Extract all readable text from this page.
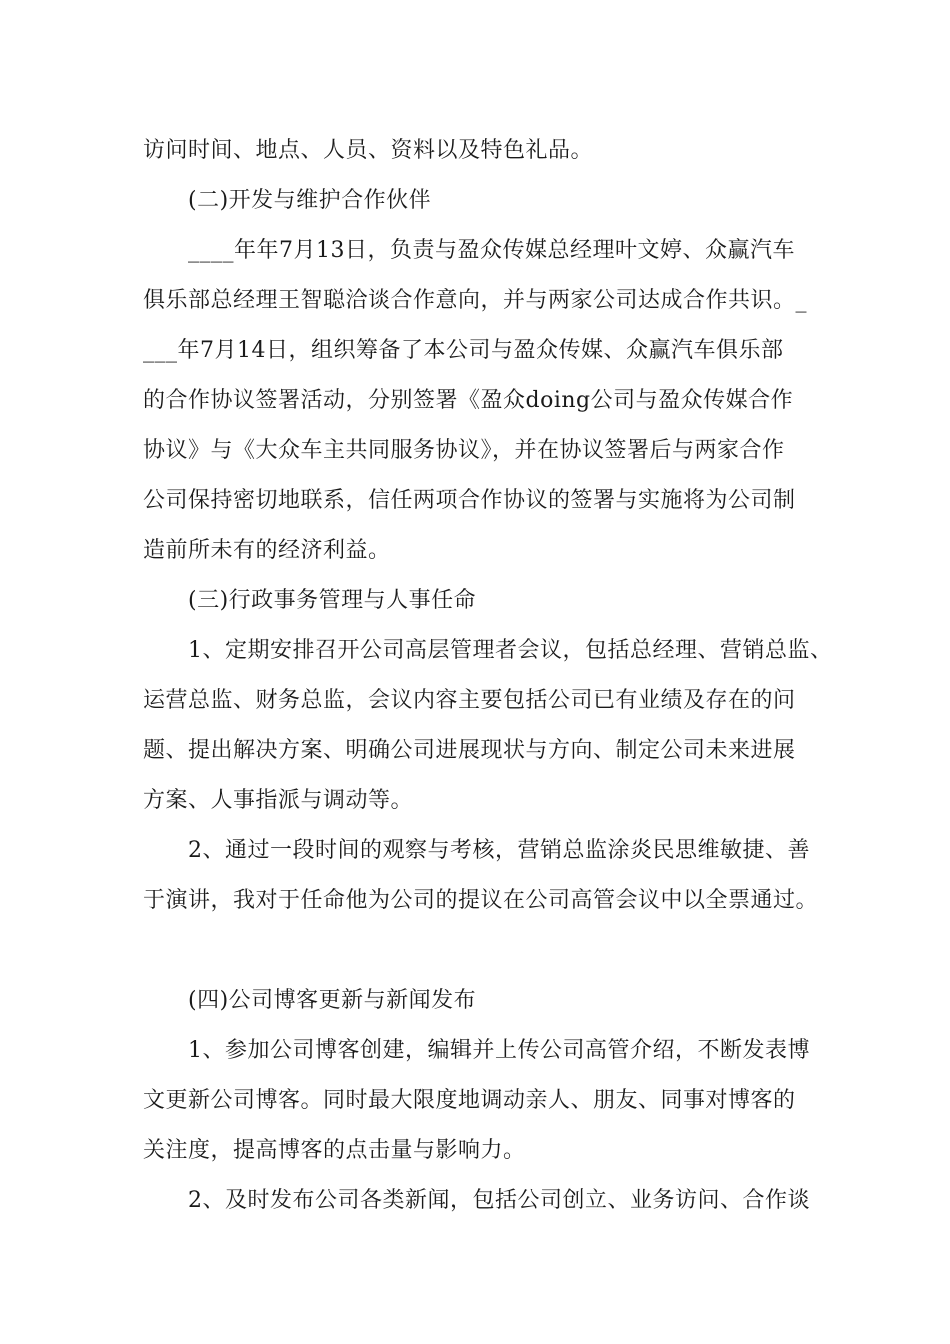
访问时间、地点、人员、资料以及特色礼品。
(二)开发与维护合作伙伴
____年年7月13日，负责与盈众传媒总经理叶文婷、众赢汽车
俱乐部总经理王智聪洽谈合作意向，并与两家公司达成合作共识。_
___年7月14日，组织筹备了本公司与盈众传媒、众赢汽车俱乐部
的合作协议签署活动，分别签署《盈众doing公司与盈众传媒合作
协议》与《大众车主共同服务协议》，并在协议签署后与两家合作
公司保持密切地联系，信任两项合作协议的签署与实施将为公司制
造前所未有的经济利益。
(三)行政事务管理与人事任命
1、定期安排召开公司高层管理者会议，包括总经理、营销总监、
运营总监、财务总监，会议内容主要包括公司已有业绩及存在的问
题、提出解决方案、明确公司进展现状与方向、制定公司未来进展
方案、人事指派与调动等。
2、通过一段时间的观察与考核，营销总监涂炎民思维敏捷、善
于演讲，我对于任命他为公司的提议在公司高管会议中以全票通过。
(四)公司博客更新与新闻发布
1、参加公司博客创建，编辑并上传公司高管介绍，不断发表博
文更新公司博客。同时最大限度地调动亲人、朋友、同事对博客的
关注度，提高博客的点击量与影响力。
2、及时发布公司各类新闻，包括公司创立、业务访问、合作谈
